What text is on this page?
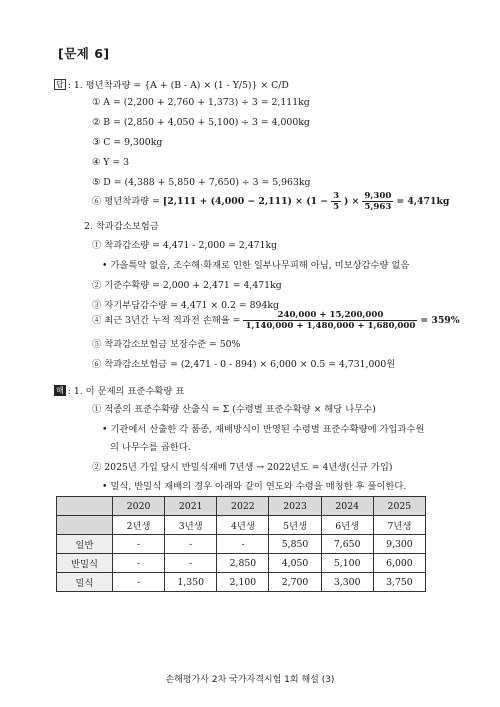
[문제 6]
답 : 1. 평년착과량 = {A + (B - A) × (1 - Y/5)} × C/D
① A = (2,200 + 2,760 + 1,373) ÷ 3 = 2,111kg
② B = (2,850 + 4,050 + 5,100) ÷ 3 = 4,000kg
③ C = 9,300kg
④ Y = 3
⑤ D = (4,388 + 5,850 + 7,650) ÷ 3 = 5,963kg
⑥ 평년착과량 = [$2,111 + (4,000 - 2,111) \times (1 - \frac{3}{5}$ ) × $\frac{9,300}{5,963} = 4,471kg$
2. 착과감소보험금
① 착과감소량 = 4,471 - 2,000 = 2,471kg
• 가을특약 없음, 조수해·화재로 인한 일부나무피해 아님, 미보상감수량 없음
② 기준수확량 = 2,000 + 2,471 = 4,471kg
③ 자기부담감수량 = 4,471 × 0.2 = 894kg
④ 최근 3년간 누적 적과전 손해율 = $\frac{240,000 + 15,200,000}{1,140,000 + 1,480,000 + 1,680,000} = 359\%$
⑤ 착과감소보험금 보장수준 = 50%
⑥ 착과감소보험금 = (2,471 - 0 - 894) × 6,000 × 0.5 = 4,731,000원
해 : 1. 이 문제의 표준수확량 표
① 적종의 표준수확량 산출식 = Σ (수령별 표준수확량 × 해당 나무수)
• 기관에서 산출한 각 품종, 재배방식이 반영된 수령별 표준수확량에 가입과수원
의 나무수를 곱한다.
② 2025년 가입 당시 반밀식재배 7년생 → 2022년도 = 4년생(신규 가입)
• 밀식, 반밀식 재배의 경우 아래와 같이 연도와 수령을 매칭한 후 풀이한다.
	2020	2021	2022	2023	2024	2025
	2년생	3년생	4년생	5년생	6년생	7년생
일반	-	-	-	5,850	7,650	9,300
반밀식	-	-	2,850	4,050	5,100	6,000
밀식	-	1,350	2,100	2,700	3,300	3,750
손해평가사 2차 국가자격시험 1회 해설 (3)
